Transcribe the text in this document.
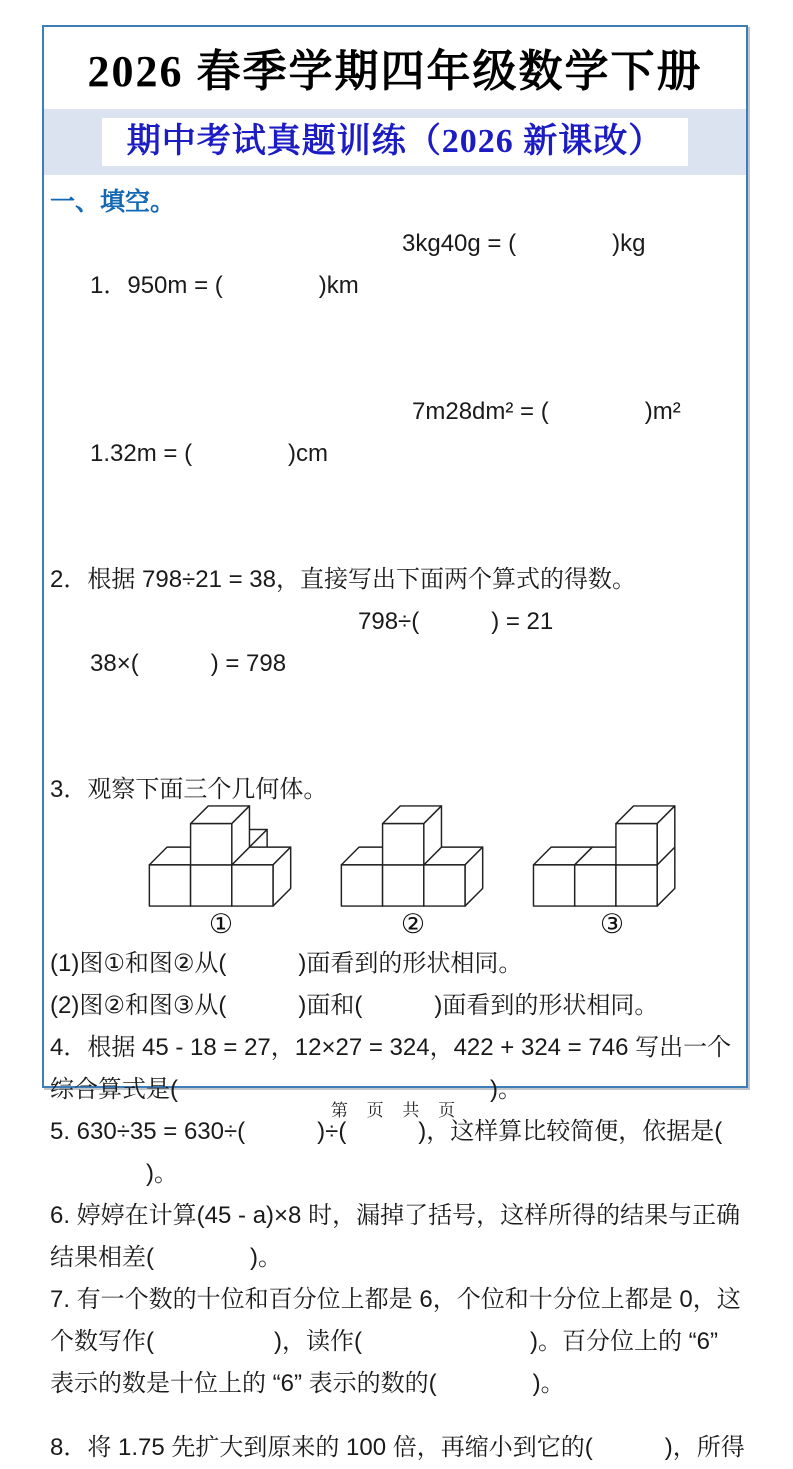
2026 春季学期四年级数学下册
期中考试真题训练（2026 新课改）
一、填空。

1．950m = (　　　　)km

3kg40g = (　　　　)kg

1.32m = (　　　　)cm

7m28dm² = (　　　　)m²

2．根据 798÷21 = 38，直接写出下面两个算式的得数。

38×(　　　) = 798

798÷(　　　) = 21

3．观察下面三个几何体。
①	②	③
(1)图①和图②从(　　　)面看到的形状相同。
(2)图②和图③从(　　　)面和(　　　)面看到的形状相同。
4．根据 45 - 18 = 27，12×27 = 324，422 + 324 = 746 写出一个
综合算式是(　　　　　　　　　　　　　)。
5. 630÷35 = 630÷(　　　)÷(　　　)，这样算比较简便，依据是(
　　　　)。
6. 婷婷在计算(45 - a)×8 时，漏掉了括号，这样所得的结果与正确
结果相差(　　　　)。
7. 有一个数的十位和百分位上都是 6，个位和十分位上都是 0，这
个数写作(　　　　　)，读作(　　　　　　　)。百分位上的 “6”
表示的数是十位上的 “6” 表示的数的(　　　　)。
8．将 1.75 先扩大到原来的 100 倍，再缩小到它的(　　　)，所得
第 页 共 页
